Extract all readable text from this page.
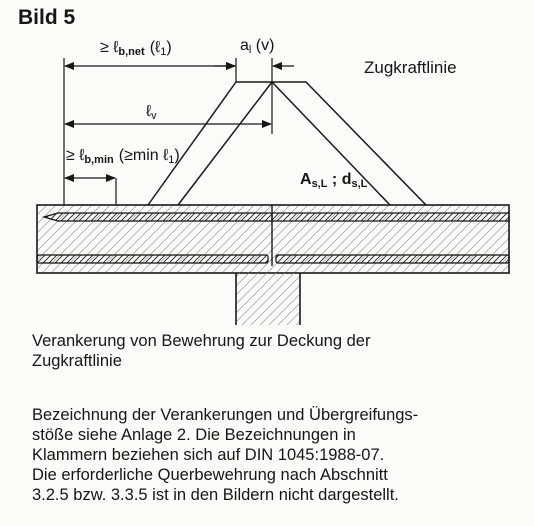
Bild 5
≥ ℓb,net (ℓ1)	al (v)
Zugkraftlinie
ℓv
≥ ℓb,min (≥min ℓ1)
As,L ; ds,L
Verankerung von Bewehrung zur Deckung der
Zugkraftlinie
Bezeichnung der Verankerungen und Übergreifungs-
stöße siehe Anlage 2. Die Bezeichnungen in
Klammern beziehen sich auf DIN 1045:1988-07.
Die erforderliche Querbewehrung nach Abschnitt
3.2.5 bzw. 3.3.5 ist in den Bildern nicht dargestellt.
